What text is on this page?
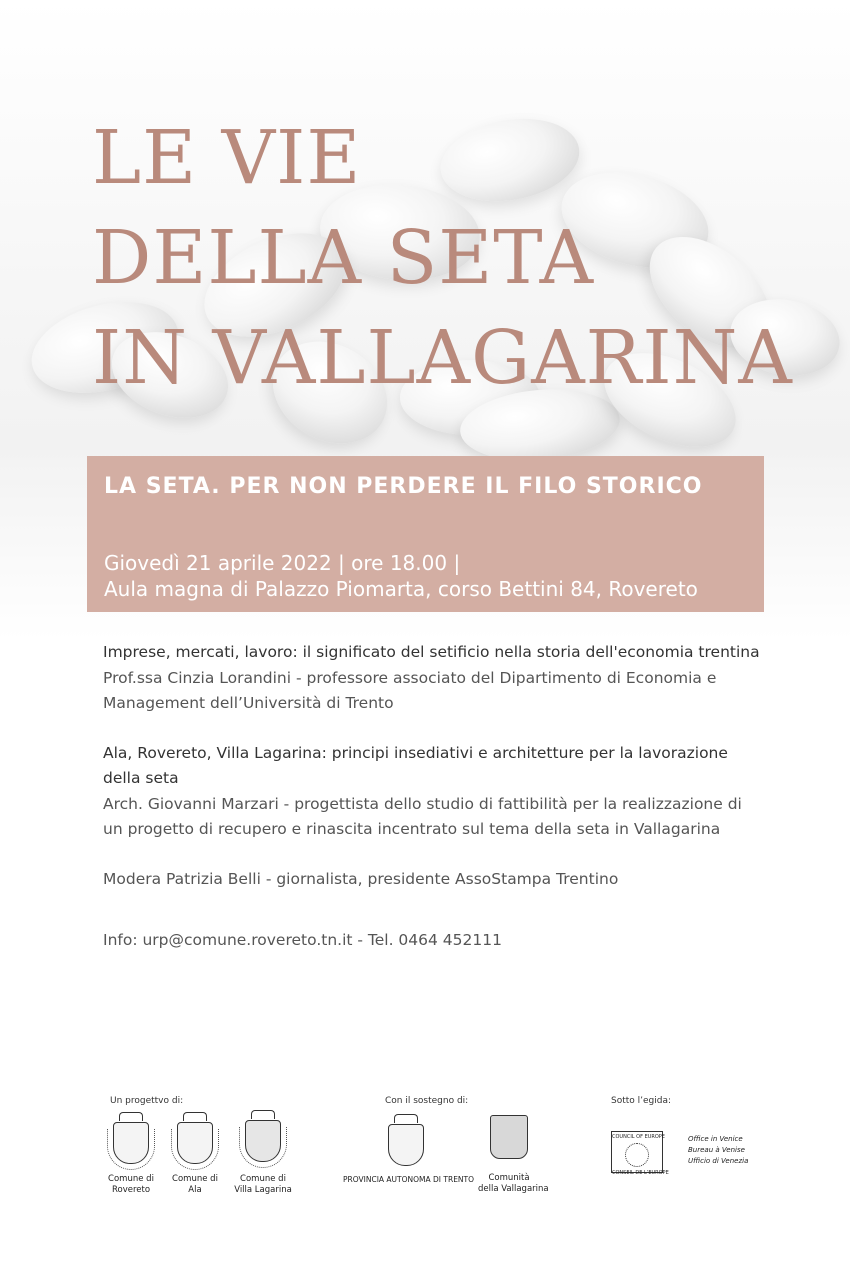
LE VIE
DELLA SETA
IN VALLAGARINA
LA SETA. PER NON PERDERE IL FILO STORICO
Giovedì 21 aprile 2022 | ore 18.00 |
Aula magna di Palazzo Piomarta, corso Bettini 84, Rovereto

Imprese, mercati, lavoro: il significato del setificio nella storia dell'economia trentina
Prof.ssa Cinzia Lorandini - professore associato del Dipartimento di Economia e Management dell’Università di Trento

Ala, Rovereto, Villa Lagarina: principi insediativi e architetture per la lavorazione della seta
Arch. Giovanni Marzari - progettista dello studio di fattibilità per la realizzazione di un progetto di recupero e rinascita incentrato sul tema della seta in Vallagarina

Modera Patrizia Belli - giornalista, presidente AssoStampa Trentino

Info: urp@comune.rovereto.tn.it - Tel. 0464 452111

Un progettvo di:	Con il sostegno di:	Sotto l’egida:
Comune di
Rovereto
Comune di
Ala
Comune di
Villa Lagarina
PROVINCIA AUTONOMA DI TRENTO	Comunità
della Vallagarina
COUNCIL OF EUROPE
CONSEIL DE L’EUROPE
Office in Venice
Bureau à Venise
Ufficio di Venezia
